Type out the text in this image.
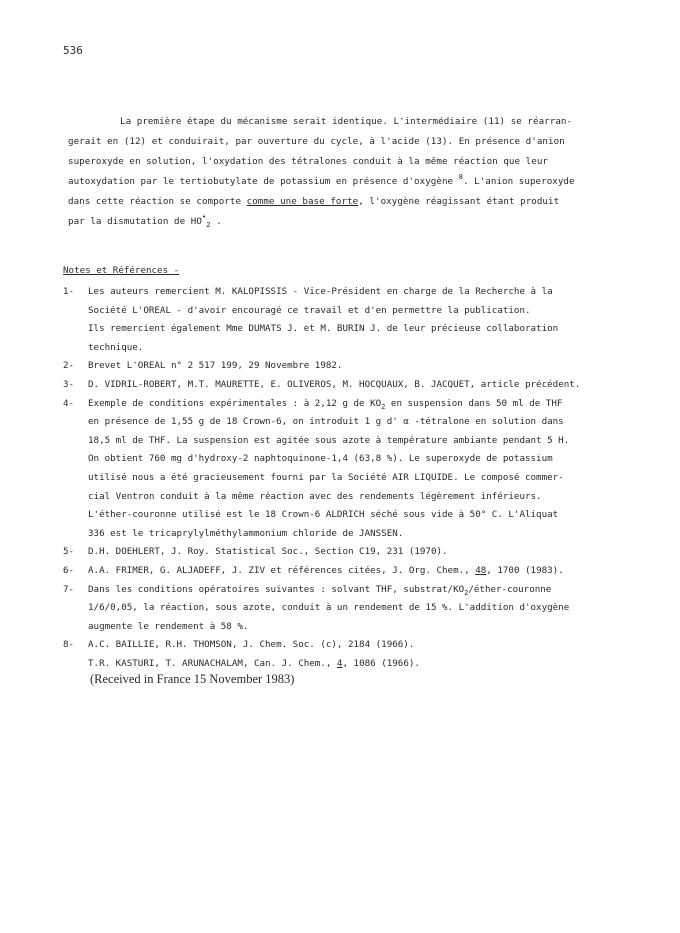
536
La première étape du mécanisme serait identique. L'intermédiaire (11) se réarran-
gerait en (12) et conduirait, par ouverture du cycle, à l'acide (13). En présence d'anion
superoxyde en solution, l'oxydation des tétralones conduit à la même réaction que leur
autoxydation par le tertiobutylate de potassium en présence d'oxygène $^8$. L'anion superoxyde
dans cette réaction se comporte comme une base forte, l'oxygène réagissant étant produit
par la dismutation de $HO^•_2$ .
Notes et Références -
1-	Les auteurs remercient M. KALOPISSIS - Vice-Président en charge de la Recherche à la
Société L'OREAL - d'avoir encouragé ce travail et d'en permettre la publication.
Ils remercient également Mme DUMATS J. et M. BURIN J. de leur précieuse collaboration
technique.
2-	Brevet L'OREAL n° 2 517 199, 29 Novembre 1982.
3-	D. VIDRIL-ROBERT, M.T. MAURETTE, E. OLIVEROS, M. HOCQUAUX, B. JACQUET, article précédent.
4-	Exemple de conditions expérimentales : à 2,12 g de $KO_2$ en suspension dans 50 ml de THF
en présence de 1,55 g de 18 Crown-6, on introduit 1 g d' α -tétralone en solution dans
18,5 ml de THF. La suspension est agitée sous azote à température ambiante pendant 5 H.
On obtient 760 mg d'hydroxy-2 naphtoquinone-1,4 (63,8 %). Le superoxyde de potassium
utilisé nous a été gracieusement fourni par la Société AIR LIQUIDE. Le composé commer-
cial Ventron conduit à la même réaction avec des rendements légèrement inférieurs.
L'éther-couronne utilisé est le 18 Crown-6 ALDRICH séché sous vide à 50° C. L'Aliquat
336 est le tricaprylylméthylammonium chloride de JANSSEN.
5-	D.H. DOEHLERT, J. Roy. Statistical Soc., Section C19, 231 (1970).
6-	A.A. FRIMER, G. ALJADEFF, J. ZIV et références citées, J. Org. Chem., 48, 1700 (1983).
7-	Dans les conditions opératoires suivantes : solvant THF, substrat/$KO_2/éther$-couronne
1/6/0,05, la réaction, sous azote, conduit à un rendement de 15 %. L'addition d'oxygène
augmente le rendement à 58 %.
8-	A.C. BAILLIE, R.H. THOMSON, J. Chem. Soc. (c), 2184 (1966).
T.R. KASTURI, T. ARUNACHALAM, Can. J. Chem., 4, 1086 (1966).
(Received in France 15 November 1983)
